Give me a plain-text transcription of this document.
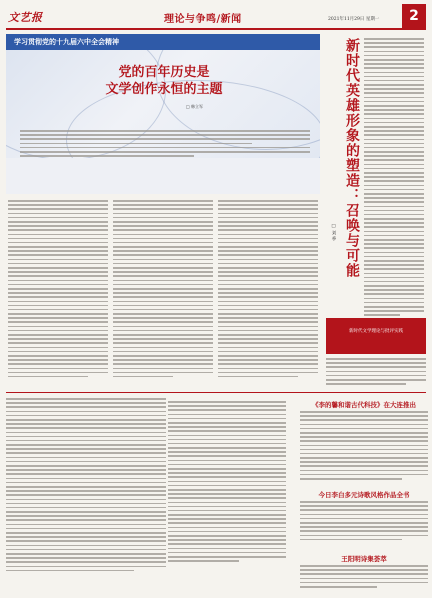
文艺报	理论与争鸣/新闻	2021年11月29日 星期一	2
学习贯彻党的十九届六中全会精神
党的百年历史是
文学创作永恒的主题
□ 韩立军	新时代英雄形象的塑造：召唤与可能
□ 刘 季
新时代文学理论与批评实践
《李的馨和谐古代科技》在大连推出
今日李白多元诗歌风格作品全书
王阳明诗集荟萃
